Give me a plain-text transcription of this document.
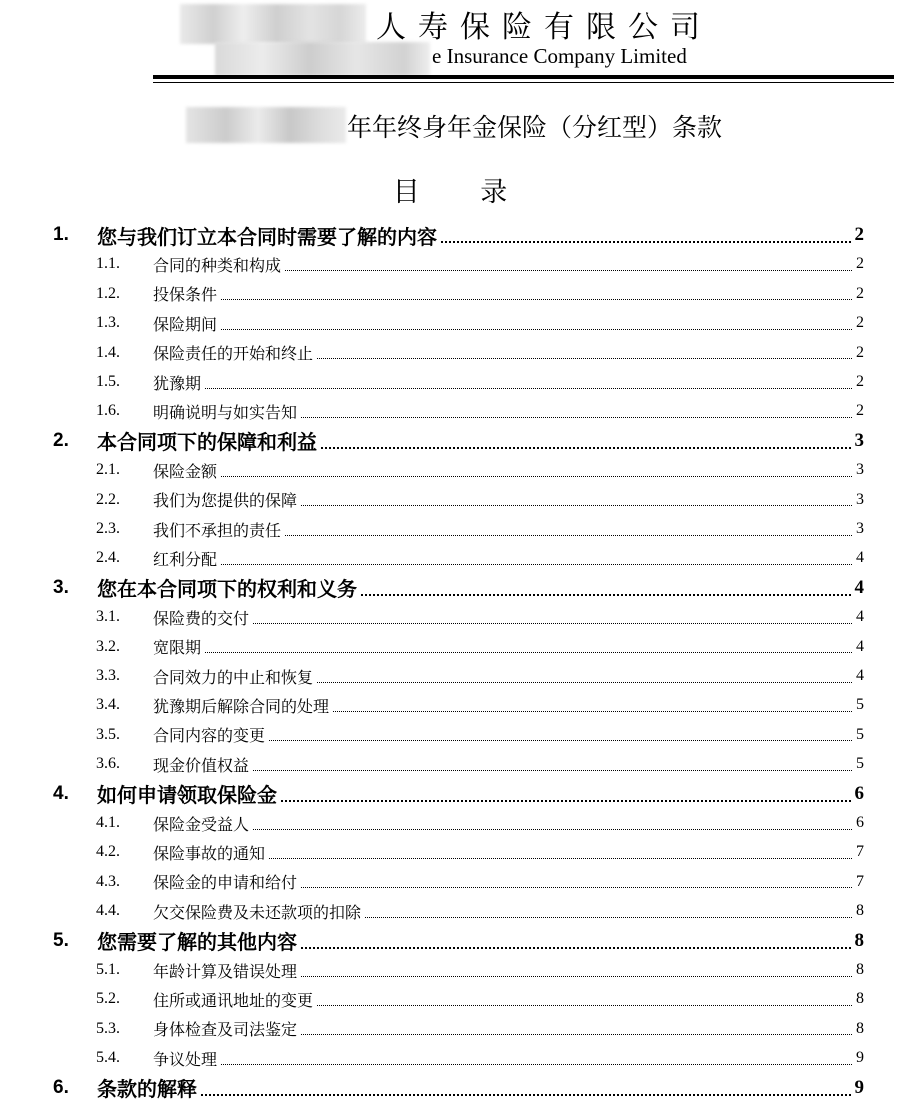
人寿保险有限公司
e Insurance Company Limited
年年终身年金保险（分红型）条款
目 录
1. 您与我们订立本合同时需要了解的内容	2
1.1. 合同的种类和构成	2
1.2. 投保条件	2
1.3. 保险期间	2
1.4. 保险责任的开始和终止	2
1.5. 犹豫期	2
1.6. 明确说明与如实告知	2
2. 本合同项下的保障和利益	3
2.1. 保险金额	3
2.2. 我们为您提供的保障	3
2.3. 我们不承担的责任	3
2.4. 红利分配	4
3. 您在本合同项下的权利和义务	4
3.1. 保险费的交付	4
3.2. 宽限期	4
3.3. 合同效力的中止和恢复	4
3.4. 犹豫期后解除合同的处理	5
3.5. 合同内容的变更	5
3.6. 现金价值权益	5
4. 如何申请领取保险金	6
4.1. 保险金受益人	6
4.2. 保险事故的通知	7
4.3. 保险金的申请和给付	7
4.4. 欠交保险费及未还款项的扣除	8
5. 您需要了解的其他内容	8
5.1. 年龄计算及错误处理	8
5.2. 住所或通讯地址的变更	8
5.3. 身体检查及司法鉴定	8
5.4. 争议处理	9
6. 条款的解释	9
